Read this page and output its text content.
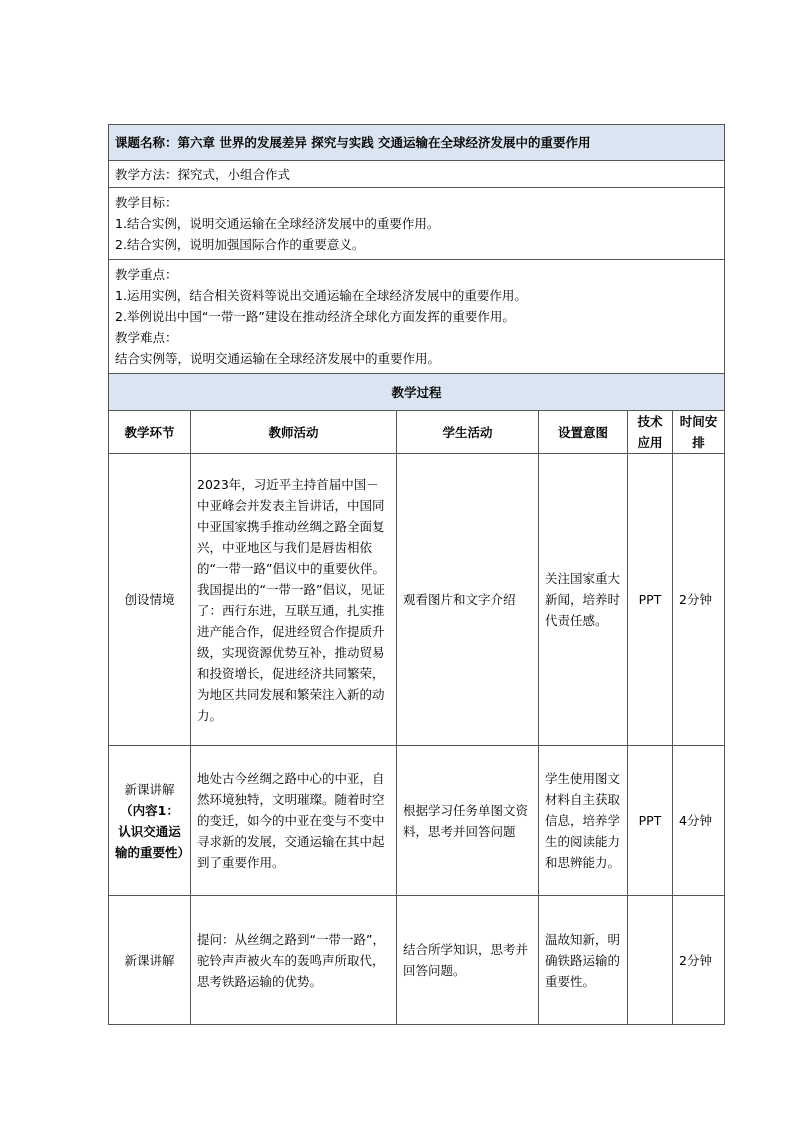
课题名称：第六章 世界的发展差异 探究与实践 交通运输在全球经济发展中的重要作用					
教学方法：探究式，小组合作式					

教学目标：
1.结合实例，说明交通运输在全球经济发展中的重要作用。
2.结合实例，说明加强国际合作的重要意义。					

教学重点：
1.运用实例，结合相关资料等说出交通运输在全球经济发展中的重要作用。
2.举例说出中国“一带一路”建设在推动经济全球化方面发挥的重要作用。
教学难点：
结合实例等，说明交通运输在全球经济发展中的重要作用。					

教学过程					
教学环节	教师活动	学生活动	设置意图	技术应用	时间安排

创设情境	2023年，习近平主持首届中国－中亚峰会并发表主旨讲话，中国同中亚国家携手推动丝绸之路全面复兴，中亚地区与我们是唇齿相依的“一带一路”倡议中的重要伙伴。我国提出的“一带一路”倡议，见证了：西行东进，互联互通，扎实推进产能合作，促进经贸合作提质升级，实现资源优势互补，推动贸易和投资增长，促进经济共同繁荣，为地区共同发展和繁荣注入新的动力。	观看图片和文字介绍	关注国家重大新闻，培养时代责任感。	PPT	2分钟

新课讲解
（内容1：认识交通运输的重要性）	地处古今丝绸之路中心的中亚，自然环境独特，文明璀璨。随着时空的变迁，如今的中亚在变与不变中寻求新的发展，交通运输在其中起到了重要作用。	根据学习任务单图文资料，思考并回答问题	学生使用图文材料自主获取信息，培养学生的阅读能力和思辨能力。	PPT	4分钟

新课讲解	提问：从丝绸之路到“一带一路”，驼铃声声被火车的轰鸣声所取代，思考铁路运输的优势。	结合所学知识，思考并回答问题。	温故知新，明确铁路运输的重要性。		2分钟
